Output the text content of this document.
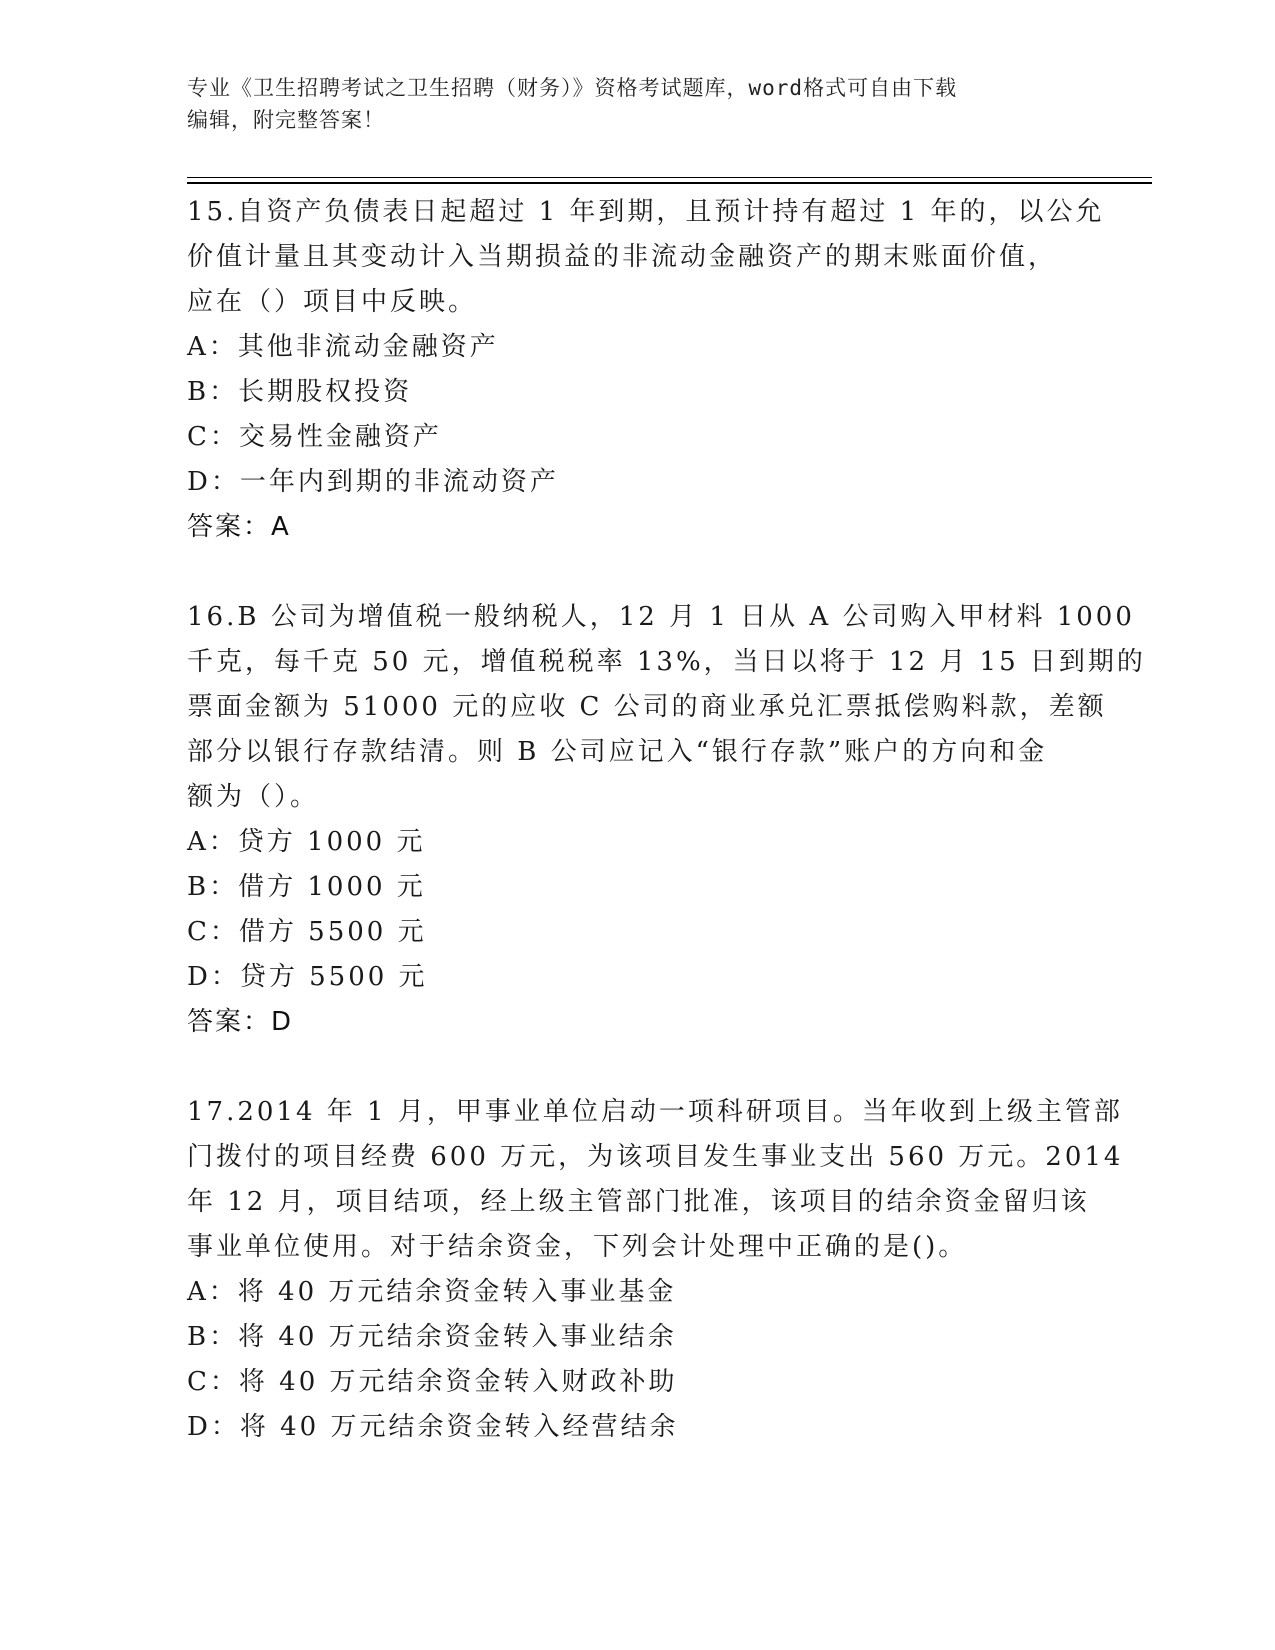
专业《卫生招聘考试之卫生招聘（财务）》资格考试题库，word格式可自由下载
编辑，附完整答案！
15.自资产负债表日起超过 1 年到期，且预计持有超过 1 年的，以公允
价值计量且其变动计入当期损益的非流动金融资产的期末账面价值，
应在（）项目中反映。
A：其他非流动金融资产
B：长期股权投资
C：交易性金融资产
D：一年内到期的非流动资产
答案：A
16.B 公司为增值税一般纳税人，12 月 1 日从 A 公司购入甲材料 1000
千克，每千克 50 元，增值税税率 13%，当日以将于 12 月 15 日到期的
票面金额为 51000 元的应收 C 公司的商业承兑汇票抵偿购料款，差额
部分以银行存款结清。则 B 公司应记入“银行存款”账户的方向和金
额为（）。
A：贷方 1000 元
B：借方 1000 元
C：借方 5500 元
D：贷方 5500 元
答案：D
17.2014 年 1 月，甲事业单位启动一项科研项目。当年收到上级主管部
门拨付的项目经费 600 万元，为该项目发生事业支出 560 万元。2014
年 12 月，项目结项，经上级主管部门批准，该项目的结余资金留归该
事业单位使用。对于结余资金，下列会计处理中正确的是()。
A：将 40 万元结余资金转入事业基金
B：将 40 万元结余资金转入事业结余
C：将 40 万元结余资金转入财政补助
D：将 40 万元结余资金转入经营结余
